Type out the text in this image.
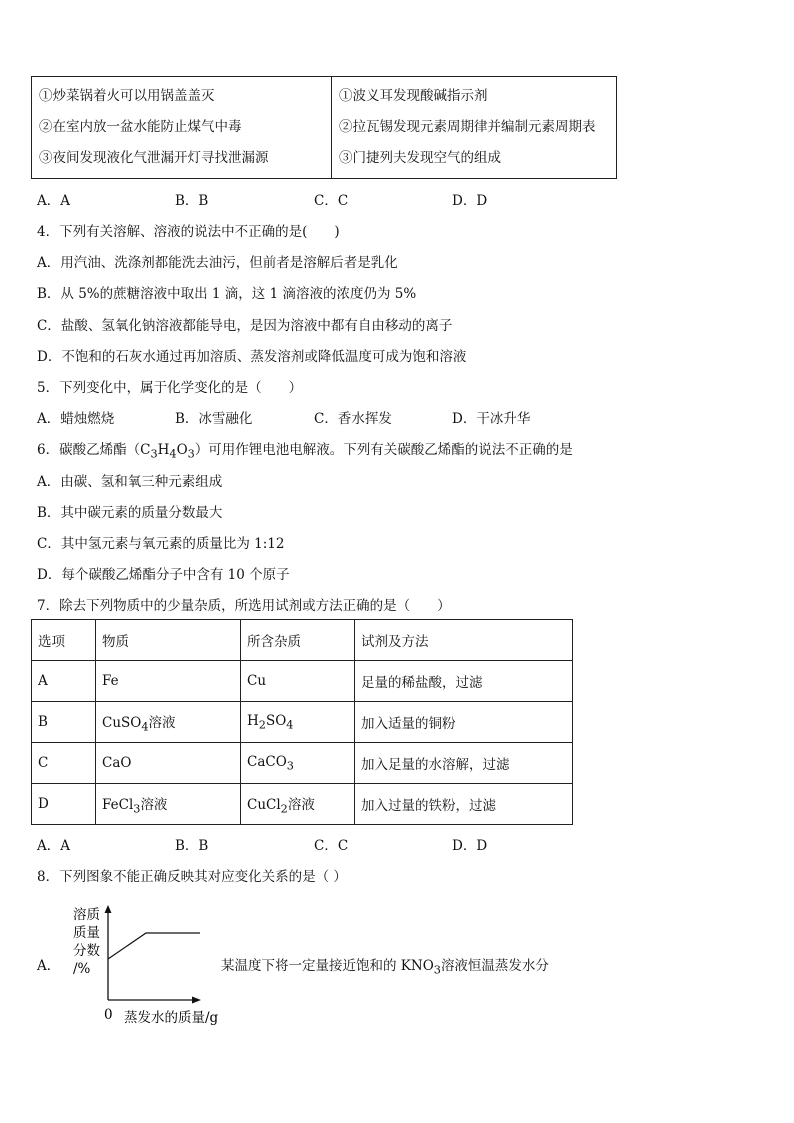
①炒菜锅着火可以用锅盖盖灭
②在室内放一盆水能防止煤气中毒
③夜间发现液化气泄漏开灯寻找泄漏源

①波义耳发现酸碱指示剂
②拉瓦锡发现元素周期律并编制元素周期表
③门捷列夫发现空气的组成
A．A	B．B	C．C	D．D
4．下列有关溶解、溶液的说法中不正确的是(　　)
A．用汽油、洗涤剂都能洗去油污，但前者是溶解后者是乳化
B．从 5%的蔗糖溶液中取出 1 滴，这 1 滴溶液的浓度仍为 5%
C．盐酸、氢氧化钠溶液都能导电，是因为溶液中都有自由移动的离子
D．不饱和的石灰水通过再加溶质、蒸发溶剂或降低温度可成为饱和溶液
5．下列变化中，属于化学变化的是（　　）
A．蜡烛燃烧	B．冰雪融化	C．香水挥发	D．干冰升华
6．碳酸乙烯酯$(C_3H_4O_3)$可用作锂电池电解液。下列有关碳酸乙烯酯的说法不正确的是
A．由碳、氢和氧三种元素组成
B．其中碳元素的质量分数最大
C．其中氢元素与氧元素的质量比为 1:12
D．每个碳酸乙烯酯分子中含有 10 个原子
7．除去下列物质中的少量杂质，所选用试剂或方法正确的是（　　）
选项	物质	所含杂质	试剂及方法
A	Fe	Cu	足量的稀盐酸，过滤
B	CuSO$_4$溶液	$H_2SO_4$	加入适量的铜粉
C	CaO	CaCO$_3$	加入足量的水溶解，过滤
D	FeCl$_3$溶液	CuCl$_2$溶液	加入过量的铁粉，过滤
A．A	B．B	C．C	D．D
8．下列图象不能正确反映其对应变化关系的是（ ）
A．
溶质
质量
分数
/%
0 蒸发水的质量/g
某温度下将一定量接近饱和的 $KNO_3$溶液恒温蒸发水分
